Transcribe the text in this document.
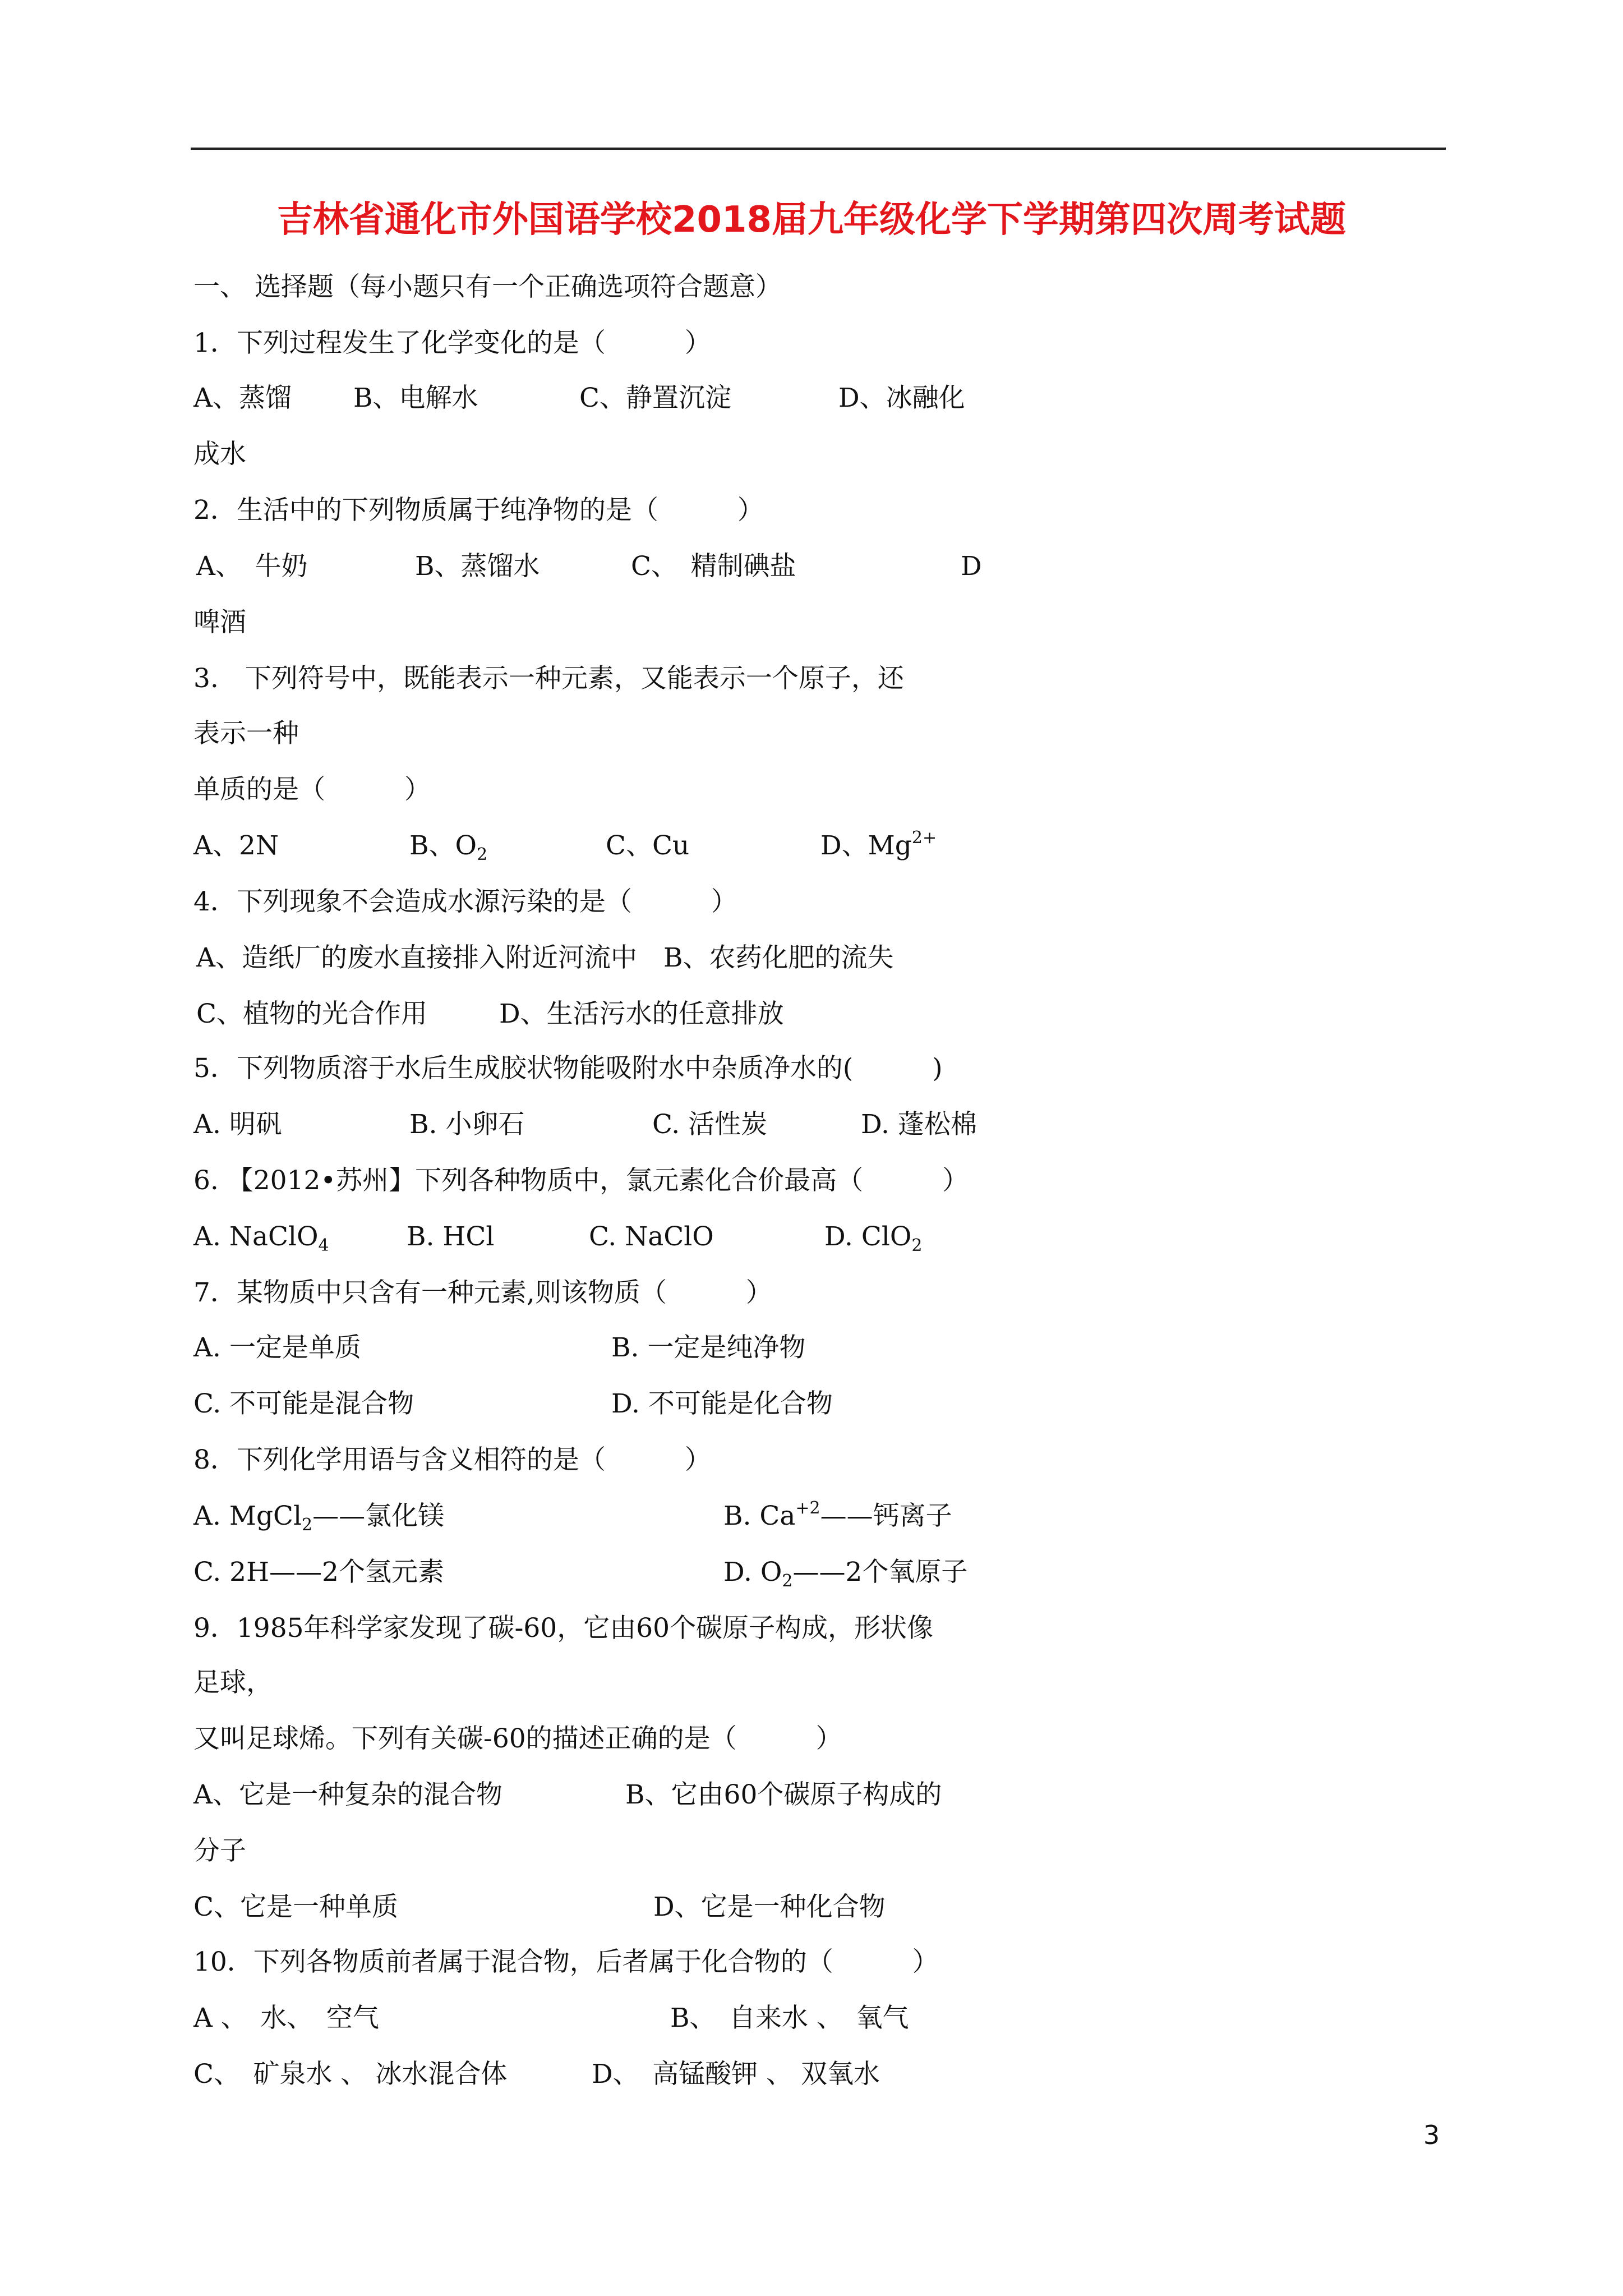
吉林省通化市外国语学校2018届九年级化学下学期第四次周考试题
一、 选择题（每小题只有一个正确选项符合题意）
1．下列过程发生了化学变化的是（　　　）
A、蒸馏 B、电解水	C、静置沉淀	D、冰融化
成水
2．生活中的下列物质属于纯净物的是（　　　）
A、　牛奶	B、蒸馏水	C、　精制碘盐	D
啤酒
3.　下列符号中，既能表示一种元素，又能表示一个原子，还
表示一种
单质的是（　　　）
A、2N	B、$O_2$	C、Cu	D、$Mg^{2+}$
4．下列现象不会造成水源污染的是（　　　）
A、造纸厂的废水直接排入附近河流中　B、农药化肥的流失
C、植物的光合作用	D、生活污水的任意排放
5．下列物质溶于水后生成胶状物能吸附水中杂质净水的(　　　)
A. 明矾	B. 小卵石	C. 活性炭	D. 蓬松棉
6. 【2012•苏州】下列各种物质中，氯元素化合价最高（　　　）
A. NaClO$_4$	B. HCl	C. NaClO	D. ClO$_2$
7．某物质中只含有一种元素,则该物质（　　　）
A. 一定是单质	B. 一定是纯净物
C. 不可能是混合物	D. 不可能是化合物
8．下列化学用语与含义相符的是（　　　）
A. MgCl$_2$——氯化镁	B. $Ca^{+2}——$钙离子
C. 2H——2个氢元素	D. $O_2——2$个氧原子
9．1985年科学家发现了碳-60，它由60个碳原子构成，形状像
足球，
又叫足球烯。下列有关碳-60的描述正确的是（　　　）
A、它是一种复杂的混合物	B、它由60个碳原子构成的
分子
C、它是一种单质	D、它是一种化合物
10．下列各物质前者属于混合物，后者属于化合物的（　　　）
A 、　水、　空气	B、　自来水 、　氧气
C、　矿泉水 、 冰水混合体	D、　高锰酸钾 、 双氧水
3
